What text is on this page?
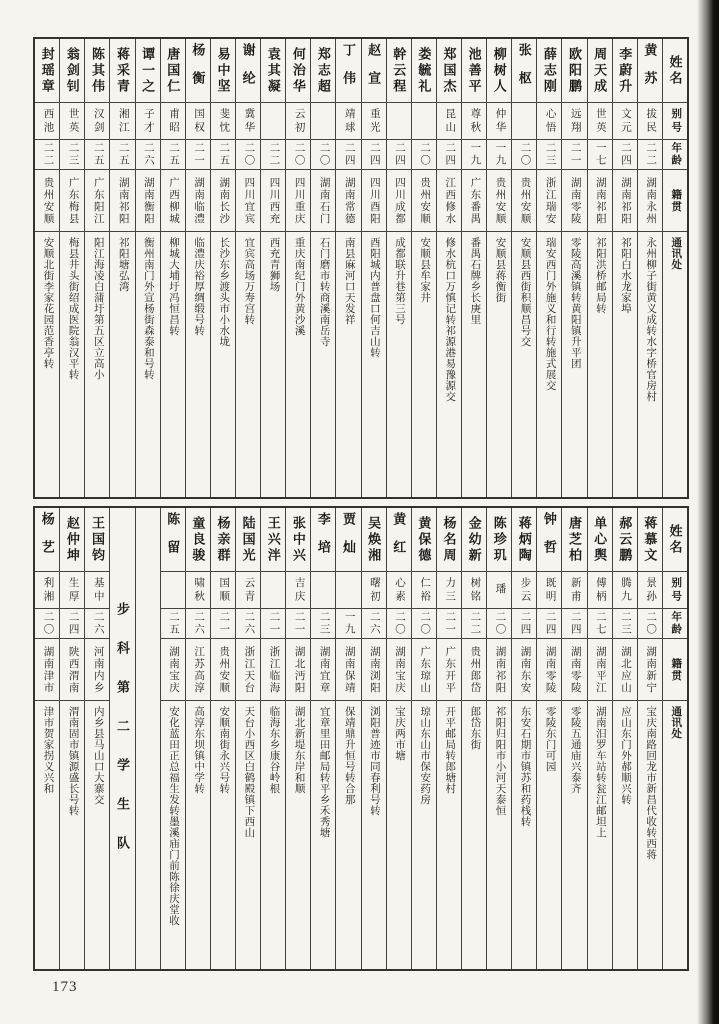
姓名
别号
年龄
籍贯
通讯处
黄苏
拔民
二二
湖南永州
永州柳子街黄义成转水字桥官房村
李蔚升
文元
二四
湖南祁阳
祁阳白水龙家埠
周天成
世英
一七
湖南祁阳
祁阳洪桥邮局转
欧阳鹏
远翔
二一
湖南零陵
零陵高溪镇转黄阳镇升平团
薛志刚
心悟
二三
浙江瑞安
瑞安西门外施义和行转施式展交
张枢
二〇
贵州安顺
安顺县西街积顺昌号交
柳树人
仲华
一九
贵州安顺
安顺县蒋衡街
池善平
尊秋
一九
广东番禺
番禺石牌乡长庚里
郑国杰
昆山
二四
江西修水
修水杭口万慎记转祁源港易豫源交
娄毓礼
二〇
贵州安顺
安顺县牟家井
幹云程
二四
四川成都
成都联升巷第三号
赵宣
重光
二四
四川酉阳
酉阳城内普盘口何吉山转
丁伟
靖球
二四
湖南常德
南县麻河口天发祥
郑志超
二〇
湖南石门
石门磨市转商溪南岳寺
何治华
云初
二〇
四川重庆
重庆南纪门外黄沙溪
袁其凝
二二
四川西充
西充青狮场
谢纶
冀华
二〇
四川宜宾
宜宾高场万寿宫转
易中坚
斐忱
二五
湖南长沙
长沙东乡渡头市小水垅
杨衡
国权
二一
湖南临澧
临澧庆裕厚绸缎号转
唐国仁
甫昭
二五
广西柳城
柳城大埔圩冯恒昌转
谭一之
子才
二六
湖南衡阳
衡州南门外宣杨街森泰和号转
蒋采青
湘江
二五
湖南祁阳
祁阳塘弘湾
陈其伟
汉剑
二五
广东阳江
阳江海凌白蒲圩第五区立高小
翁剑钊
世英
二三
广东梅县
梅县井头街绍成医院翁汉平转
封瑶章
西池
二二
贵州安顺
安顺北街李家花园范香亭转
姓名
别号
年龄
籍贯
通讯处
蒋慕文
景孙
二〇
湖南新宁
宝庆南路回龙市新昌代收转西蒋
郝云鹏
腾九
二三
湖北应山
应山东门外郝顺兴转
单心舆
傅柄
二七
湖南平江
湖南汨罗车站转瓮江邮坦上
唐芝柏
新甫
二四
湖南零陵
零陵五通庙兴泰齐
钟哲
既明
二四
湖南零陵
零陵东门可园
蒋炳陶
步云
二四
湖南东安
东安石期市镇苏和药栈转
陈珍玑
璠
二〇
湖南祁阳
祁阳归阳市小河天泰恒
金幼新
树铭
二二
贵州郎岱
郎岱东街
杨名周
力三
二一
广东开平
开平邮局转郎塘村
黄保德
仁裕
二〇
广东琼山
琼山东山市保安药房
黄红
心素
二〇
湖南宝庆
宝庆两市塘
吴焕湘
曙初
二六
湖南浏阳
浏阳普迹市同春利号转
贾灿
一九
湖南保靖
保靖鼎升恒号转合那
李培
二三
湖南宜章
宜章里田邮局转平乡禾秀塘
张中兴
吉庆
二一
湖北沔阳
湖北新堤东岸和顺
王兴泮
二一
浙江临海
临海东乡康谷岭根
陆国光
云青
二六
浙江天台
天台小西区白鹤殿镇下西山
杨亲群
国顺
二一
贵州安顺
安顺南街永兴号转
童良骏
啸秋
二六
江苏高淳
高淳东坝镇中学转
陈留
二五
湖南宝庆
安化蓝田正总福生发转墨溪庙门前陈徐庆堂收
步科第二学生队
王国钧
基中
二六
河南内乡
内乡县马山口大寨交
赵仲坤
生厚
二四
陕西渭南
渭南固市镇源盛长号转
杨艺
利湘
二〇
湖南津市
津市贺家拐义兴和
173
